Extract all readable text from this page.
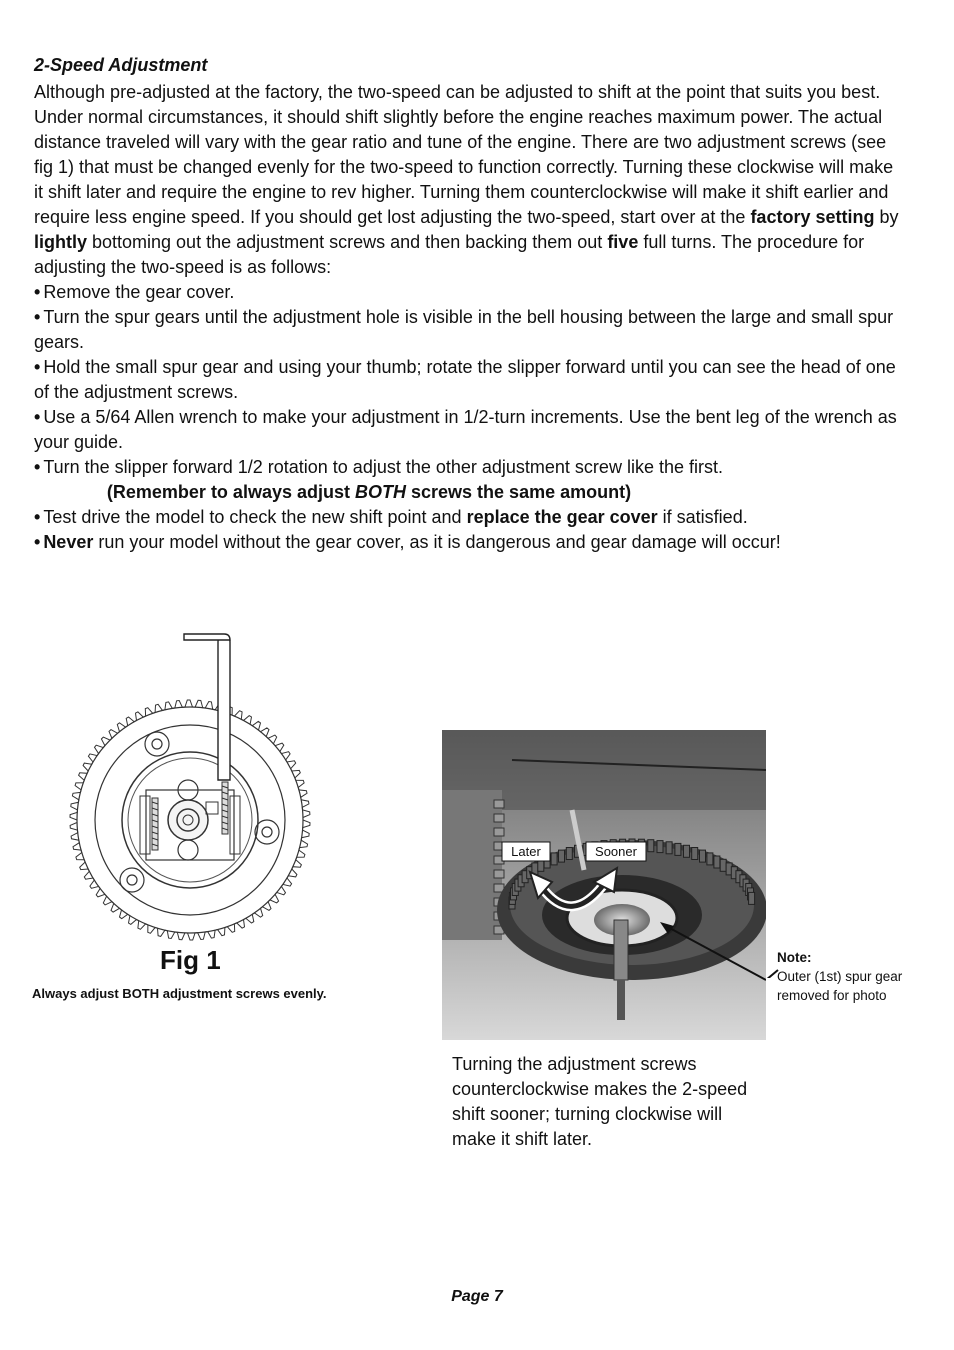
2-Speed Adjustment

Although pre-adjusted at the factory, the two-speed can be adjusted to shift at the point that suits you best. Under normal circumstances, it should shift slightly before the engine reaches maximum power. The actual distance traveled will vary with the gear ratio and tune of the engine. There are two adjustment screws (see fig 1) that must be changed evenly for the two-speed to function correctly. Turning these clockwise will make it shift later and require the engine to rev higher. Turning them counterclockwise will make it shift earlier and require less engine speed. If you should get lost adjusting the two-speed, start over at the factory setting by lightly bottoming out the adjustment screws and then backing them out five full turns. The procedure for adjusting the two-speed is as follows:

• Remove the gear cover.
• Turn the spur gears until the adjustment hole is visible in the bell housing between the large and small spur gears.
• Hold the small spur gear and using your thumb; rotate the slipper forward until you can see the head of one of the adjustment screws.
• Use a 5/64 Allen wrench to make your adjustment in 1/2-turn increments. Use the bent leg of the wrench as your guide.
• Turn the slipper forward 1/2 rotation to adjust the other adjustment screw like the first.
(Remember to always adjust BOTH screws the same amount)
• Test drive the model to check the new shift point and replace the gear cover if satisfied.
• Never run your model without the gear cover, as it is dangerous and gear damage will occur!
Fig 1
Always adjust BOTH adjustment screws evenly.
Later	Sooner
Note:
Outer (1st) spur gear removed for photo
Turning the adjustment screws counterclockwise makes the 2-speed shift sooner; turning clockwise will make it shift later.
Page 7
